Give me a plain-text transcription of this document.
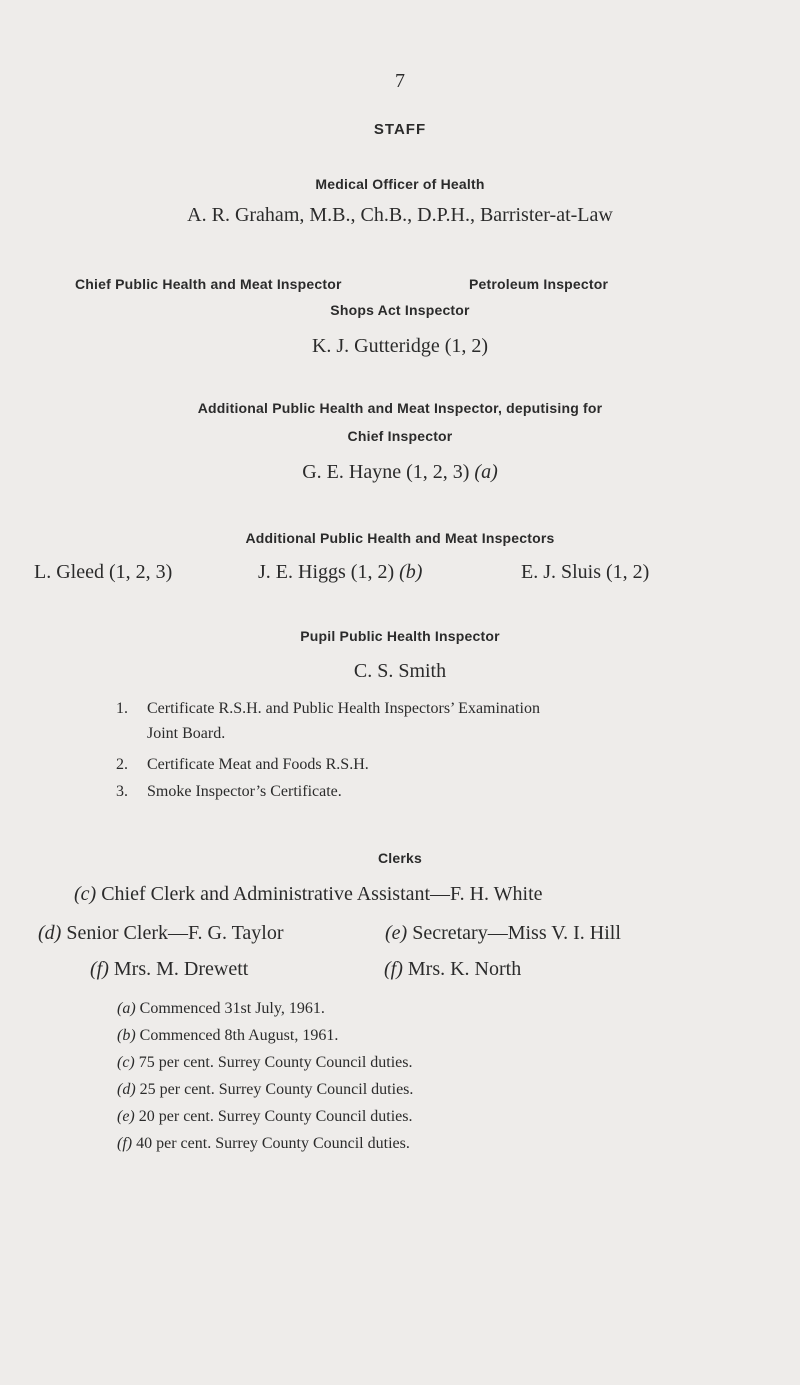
7
STAFF
Medical Officer of Health
A. R. Graham, M.B., Ch.B., D.P.H., Barrister-at-Law
Chief Public Health and Meat Inspector	Petroleum Inspector
Shops Act Inspector
K. J. Gutteridge (1, 2)
Additional Public Health and Meat Inspector, deputising for
Chief Inspector
G. E. Hayne (1, 2, 3) (a)
Additional Public Health and Meat Inspectors
L. Gleed (1, 2, 3)	J. E. Higgs (1, 2) (b)	E. J. Sluis (1, 2)
Pupil Public Health Inspector
C. S. Smith
1. Certificate R.S.H. and Public Health Inspectors’ Examination
Joint Board.
2. Certificate Meat and Foods R.S.H.
3. Smoke Inspector’s Certificate.
Clerks
(c) Chief Clerk and Administrative Assistant—F. H. White
(d) Senior Clerk—F. G. Taylor	(e) Secretary—Miss V. I. Hill
(f) Mrs. M. Drewett	(f) Mrs. K. North
(a) Commenced 31st July, 1961.
(b) Commenced 8th August, 1961.
(c) 75 per cent. Surrey County Council duties.
(d) 25 per cent. Surrey County Council duties.
(e) 20 per cent. Surrey County Council duties.
(f) 40 per cent. Surrey County Council duties.
